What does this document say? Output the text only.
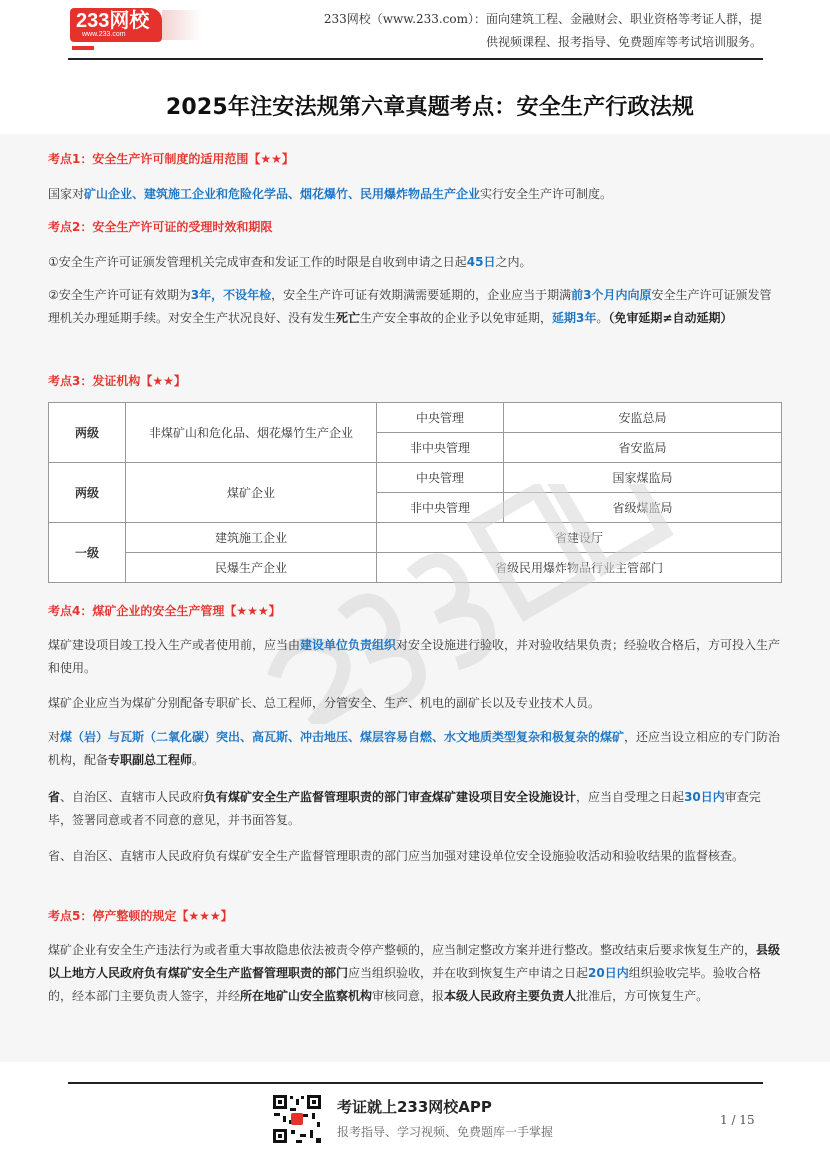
233网校
www.233.com
233网校（www.233.com）：面向建筑工程、金融财会、职业资格等考证人群，提
供视频课程、报考指导、免费题库等考试培训服务。
2025年注安法规第六章真题考点：安全生产行政法规
考点1：安全生产许可制度的适用范围【★★】
国家对矿山企业、建筑施工企业和危险化学品、烟花爆竹、民用爆炸物品生产企业实行安全生产许可制度。
考点2：安全生产许可证的受理时效和期限
①安全生产许可证颁发管理机关完成审查和发证工作的时限是自收到申请之日起45日之内。
②安全生产许可证有效期为3年，不设年检，安全生产许可证有效期满需要延期的，企业应当于期满前3个月内向原安全生产许可证颁发管理机关办理延期手续。对安全生产状况良好、没有发生死亡生产安全事故的企业予以免审延期，延期3年。（免审延期≠自动延期）
考点3：发证机构【★★】
两级	非煤矿山和危化品、烟花爆竹生产企业	中央管理	安监总局
		非中央管理	省安监局
两级	煤矿企业	中央管理	国家煤监局
		非中央管理	省级煤监局
一级	建筑施工企业	省建设厅	
	民爆生产企业	省级民用爆炸物品行业主管部门	
考点4：煤矿企业的安全生产管理【★★★】
煤矿建设项目竣工投入生产或者使用前，应当由建设单位负责组织对安全设施进行验收，并对验收结果负责；经验收合格后，方可投入生产和使用。
煤矿企业应当为煤矿分别配备专职矿长、总工程师，分管安全、生产、机电的副矿长以及专业技术人员。
对煤（岩）与瓦斯（二氧化碳）突出、高瓦斯、冲击地压、煤层容易自燃、水文地质类型复杂和极复杂的煤矿，还应当设立相应的专门防治机构，配备专职副总工程师。
省、自治区、直辖市人民政府负有煤矿安全生产监督管理职责的部门审查煤矿建设项目安全设施设计，应当自受理之日起30日内审查完毕，签署同意或者不同意的意见，并书面答复。
省、自治区、直辖市人民政府负有煤矿安全生产监督管理职责的部门应当加强对建设单位安全设施验收活动和验收结果的监督核查。
考点5：停产整顿的规定【★★★】
煤矿企业有安全生产违法行为或者重大事故隐患依法被责令停产整顿的，应当制定整改方案并进行整改。整改结束后要求恢复生产的，县级以上地方人民政府负有煤矿安全生产监督管理职责的部门应当组织验收，并在收到恢复生产申请之日起20日内组织验收完毕。验收合格的，经本部门主要负责人签字，并经所在地矿山安全监察机构审核同意，报本级人民政府主要负责人批准后，方可恢复生产。
考证就上233网校APP
报考指导、学习视频、免费题库一手掌握
1 / 15
